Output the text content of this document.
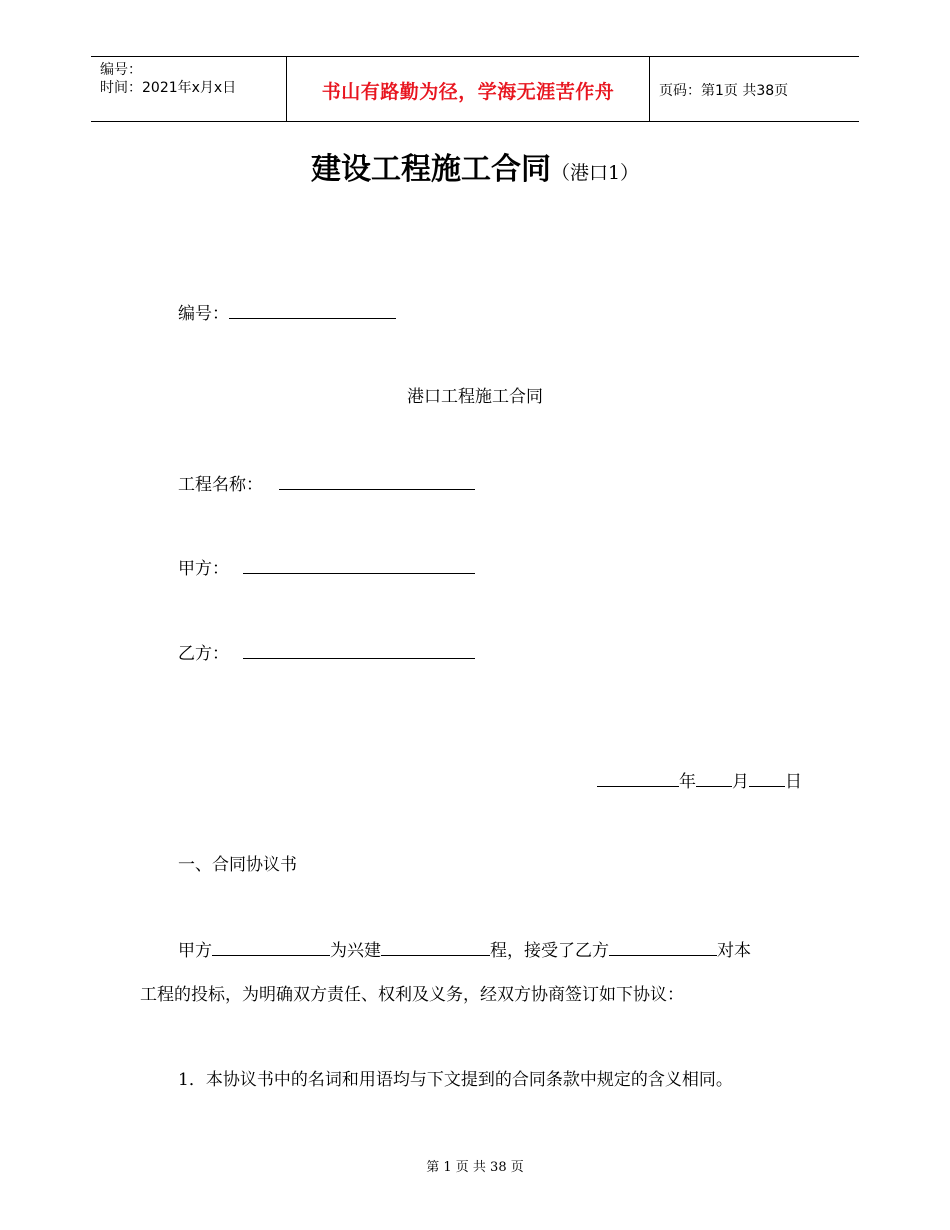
编号：
时间：2021年x月x日	书山有路勤为径，学海无涯苦作舟	页码：第1页 共38页
建设工程施工合同（港口1）
编号：
港口工程施工合同
工程名称：
甲方：
乙方：
年 月 日
一、合同协议书
甲方	为兴建	程，接受了乙方	对本
工程的投标，为明确双方责任、权利及义务，经双方协商签订如下协议：
1．本协议书中的名词和用语均与下文提到的合同条款中规定的含义相同。
第 1 页 共 38 页
